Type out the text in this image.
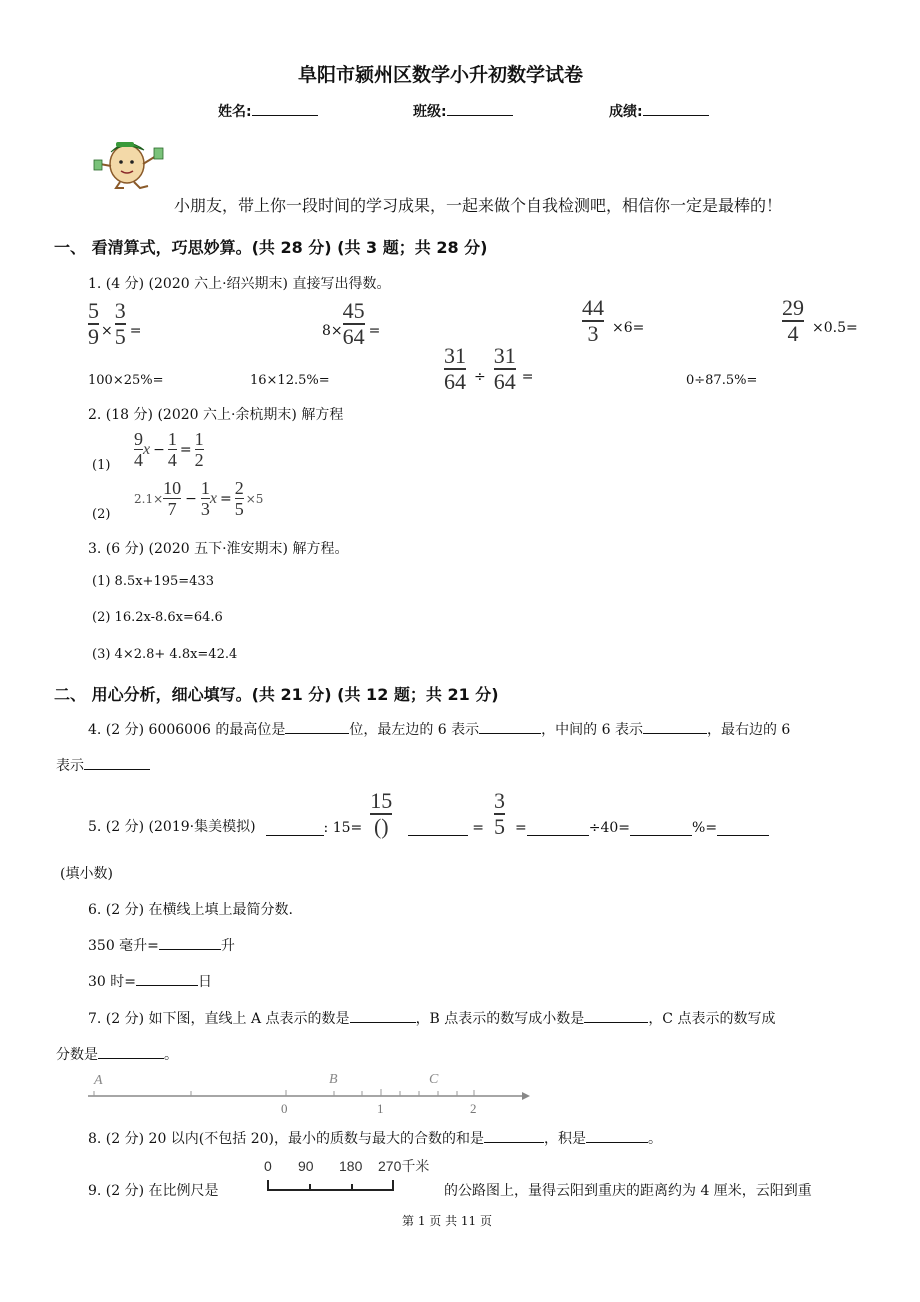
阜阳市颍州区数学小升初数学试卷
姓名:	班级:	成绩:
小朋友，带上你一段时间的学习成果，一起来做个自我检测吧，相信你一定是最棒的！
一、 看清算式，巧思妙算。(共 28 分) (共 3 题；共 28 分)
1. (4 分) (2020 六上·绍兴期末) 直接写出得数。
$\frac{5}{9} \times \frac{3}{5}$ =	$8\times \frac{45}{64}$ =	$\frac{44}{3} \times 6=$	$\frac{29}{4} \times 0.5=$
100×25%=	16×12.5%=	$\frac{31}{64} \div \frac{31}{64}$ =	0÷87.5%=
2. (18 分) (2020 六上·余杭期末) 解方程
$(1) \frac{9}{4}$ $x - \frac{1}{4} = \frac{1}{2}$
(2)
$2.1\times \frac{10}{7} - \frac{1}{3}$ $x = \frac{2}{5} \times 5$
3. (6 分) (2020 五下·淮安期末) 解方程。
(1) 8.5x+195=433
(2) 16.2x-8.6x=64.6
(3) 4×2.8+ 4.8x=42.4
二、 用心分析，细心填写。(共 21 分) (共 12 题；共 21 分)
4. (2 分) 6006006 的最高位是	位，最左边的 6 表示	，中间的 6 表示	，最右边的 6
表示
5. (2 分) (2019·集美模拟)	: $15= \frac{15}{()}$	= $\frac{3}{5}$ =	÷40=	%=
(填小数)
6. (2 分) 在横线上填上最简分数.
350 毫升=	升
30 时=	日
7. (2 分) 如下图，直线上 A 点表示的数是	，B 点表示的数写成小数是	，C 点表示的数写成
分数是	。
A	B	C
0	1	2
8. (2 分) 20 以内(不包括 20)，最小的质数与最大的合数的和是	，积是	。
9. (2 分) 在比例尺是
0 90 180 270千米
的公路图上，量得云阳到重庆的距离约为 4 厘米，云阳到重
第 1 页 共 11 页
